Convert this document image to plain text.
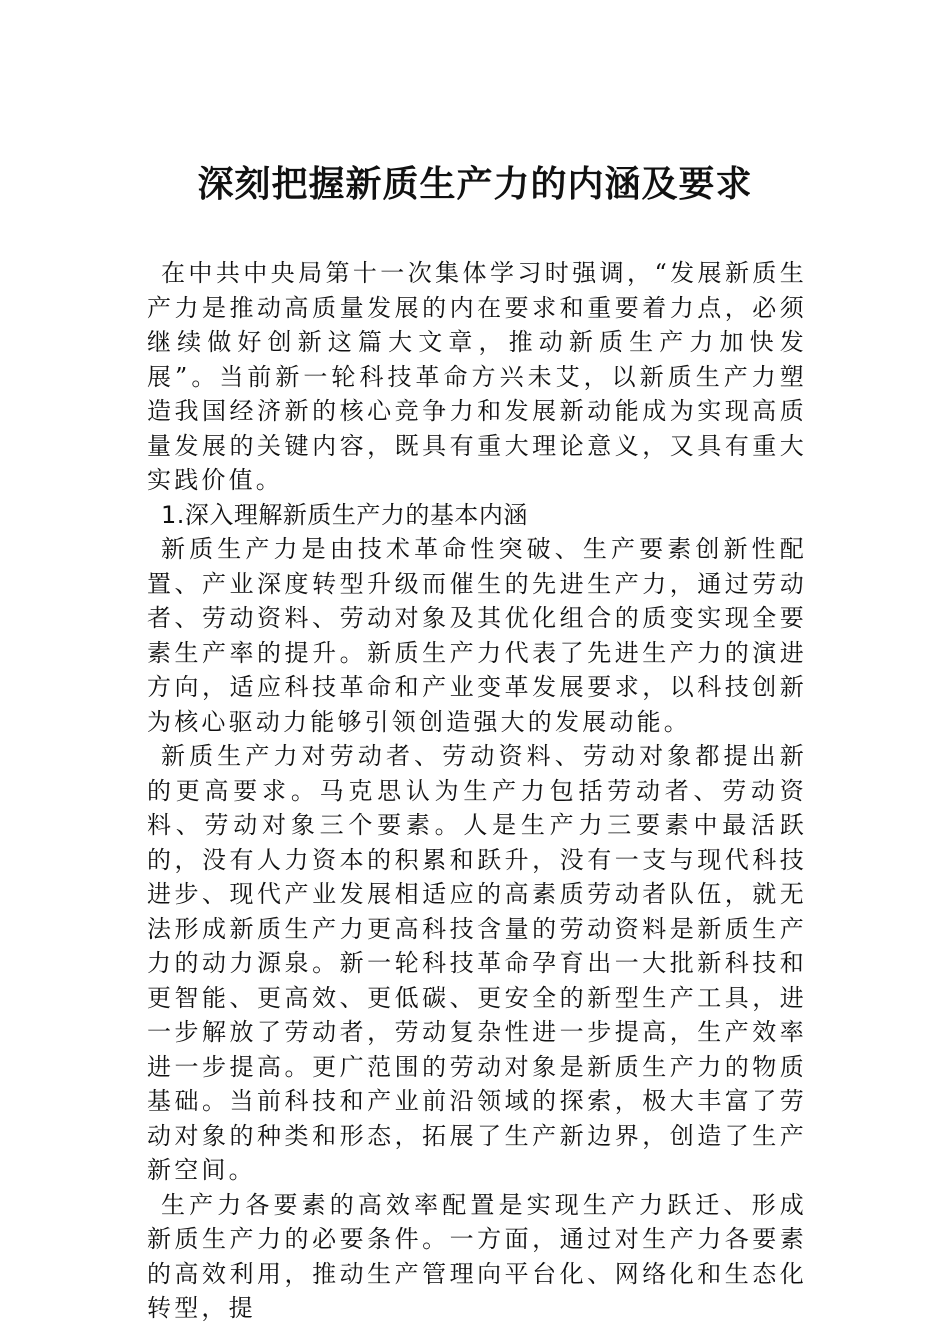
深刻把握新质生产力的内涵及要求

在中共中央局第十一次集体学习时强调，“发展新质生产力是推动高质量发展的内在要求和重要着力点，必须继续做好创新这篇大文章，推动新质生产力加快发展”。当前新一轮科技革命方兴未艾，以新质生产力塑造我国经济新的核心竞争力和发展新动能成为实现高质量发展的关键内容，既具有重大理论意义，又具有重大实践价值。

1.深入理解新质生产力的基本内涵

新质生产力是由技术革命性突破、生产要素创新性配置、产业深度转型升级而催生的先进生产力，通过劳动者、劳动资料、劳动对象及其优化组合的质变实现全要素生产率的提升。新质生产力代表了先进生产力的演进方向，适应科技革命和产业变革发展要求，以科技创新为核心驱动力能够引领创造强大的发展动能。

新质生产力对劳动者、劳动资料、劳动对象都提出新的更高要求。马克思认为生产力包括劳动者、劳动资料、劳动对象三个要素。人是生产力三要素中最活跃的，没有人力资本的积累和跃升，没有一支与现代科技进步、现代产业发展相适应的高素质劳动者队伍，就无法形成新质生产力更高科技含量的劳动资料是新质生产力的动力源泉。新一轮科技革命孕育出一大批新科技和更智能、更高效、更低碳、更安全的新型生产工具，进一步解放了劳动者，劳动复杂性进一步提高，生产效率进一步提高。更广范围的劳动对象是新质生产力的物质基础。当前科技和产业前沿领域的探索，极大丰富了劳动对象的种类和形态，拓展了生产新边界，创造了生产新空间。

生产力各要素的高效率配置是实现生产力跃迁、形成新质生产力的必要条件。一方面，通过对生产力各要素的高效利用，推动生产管理向平台化、网络化和生态化转型，提
